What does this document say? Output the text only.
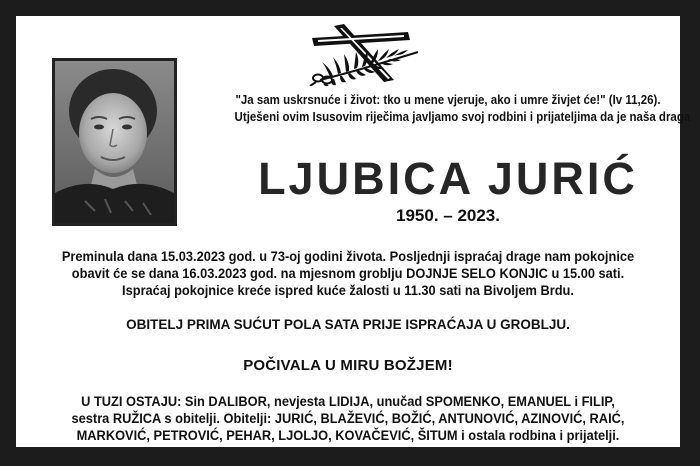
"Ja sam uskrsnuće i život: tko u mene vjeruje, ako i umre živjet će!" (Iv 11,26).
Utješeni ovim Isusovim riječima javljamo svoj rodbini i prijateljima da je naša draga
LJUBICA JURIĆ
1950. – 2023.
Preminula dana 15.03.2023 god. u 73-oj godini života. Posljednji ispraćaj drage nam pokojnice
obavit će se dana 16.03.2023 god. na mjesnom groblju DOJNJE SELO KONJIC u 15.00 sati.
Ispraćaj pokojnice kreće ispred kuće žalosti u 11.30 sati na Bivoljem Brdu.
OBITELJ PRIMA SUĆUT POLA SATA PRIJE ISPRAĆAJA U GROBLJU.
POČIVALA U MIRU BOŽJEM!
U TUZI OSTAJU: Sin DALIBOR, nevjesta LIDIJA, unučad SPOMENKO, EMANUEL i FILIP,
sestra RUŽICA s obitelji. Obitelji: JURIĆ, BLAŽEVIĆ, BOŽIĆ, ANTUNOVIĆ, AZINOVIĆ, RAIĆ,
MARKOVIĆ, PETROVIĆ, PEHAR, LJOLJO, KOVAČEVIĆ, ŠITUM i ostala rodbina i prijatelji.
